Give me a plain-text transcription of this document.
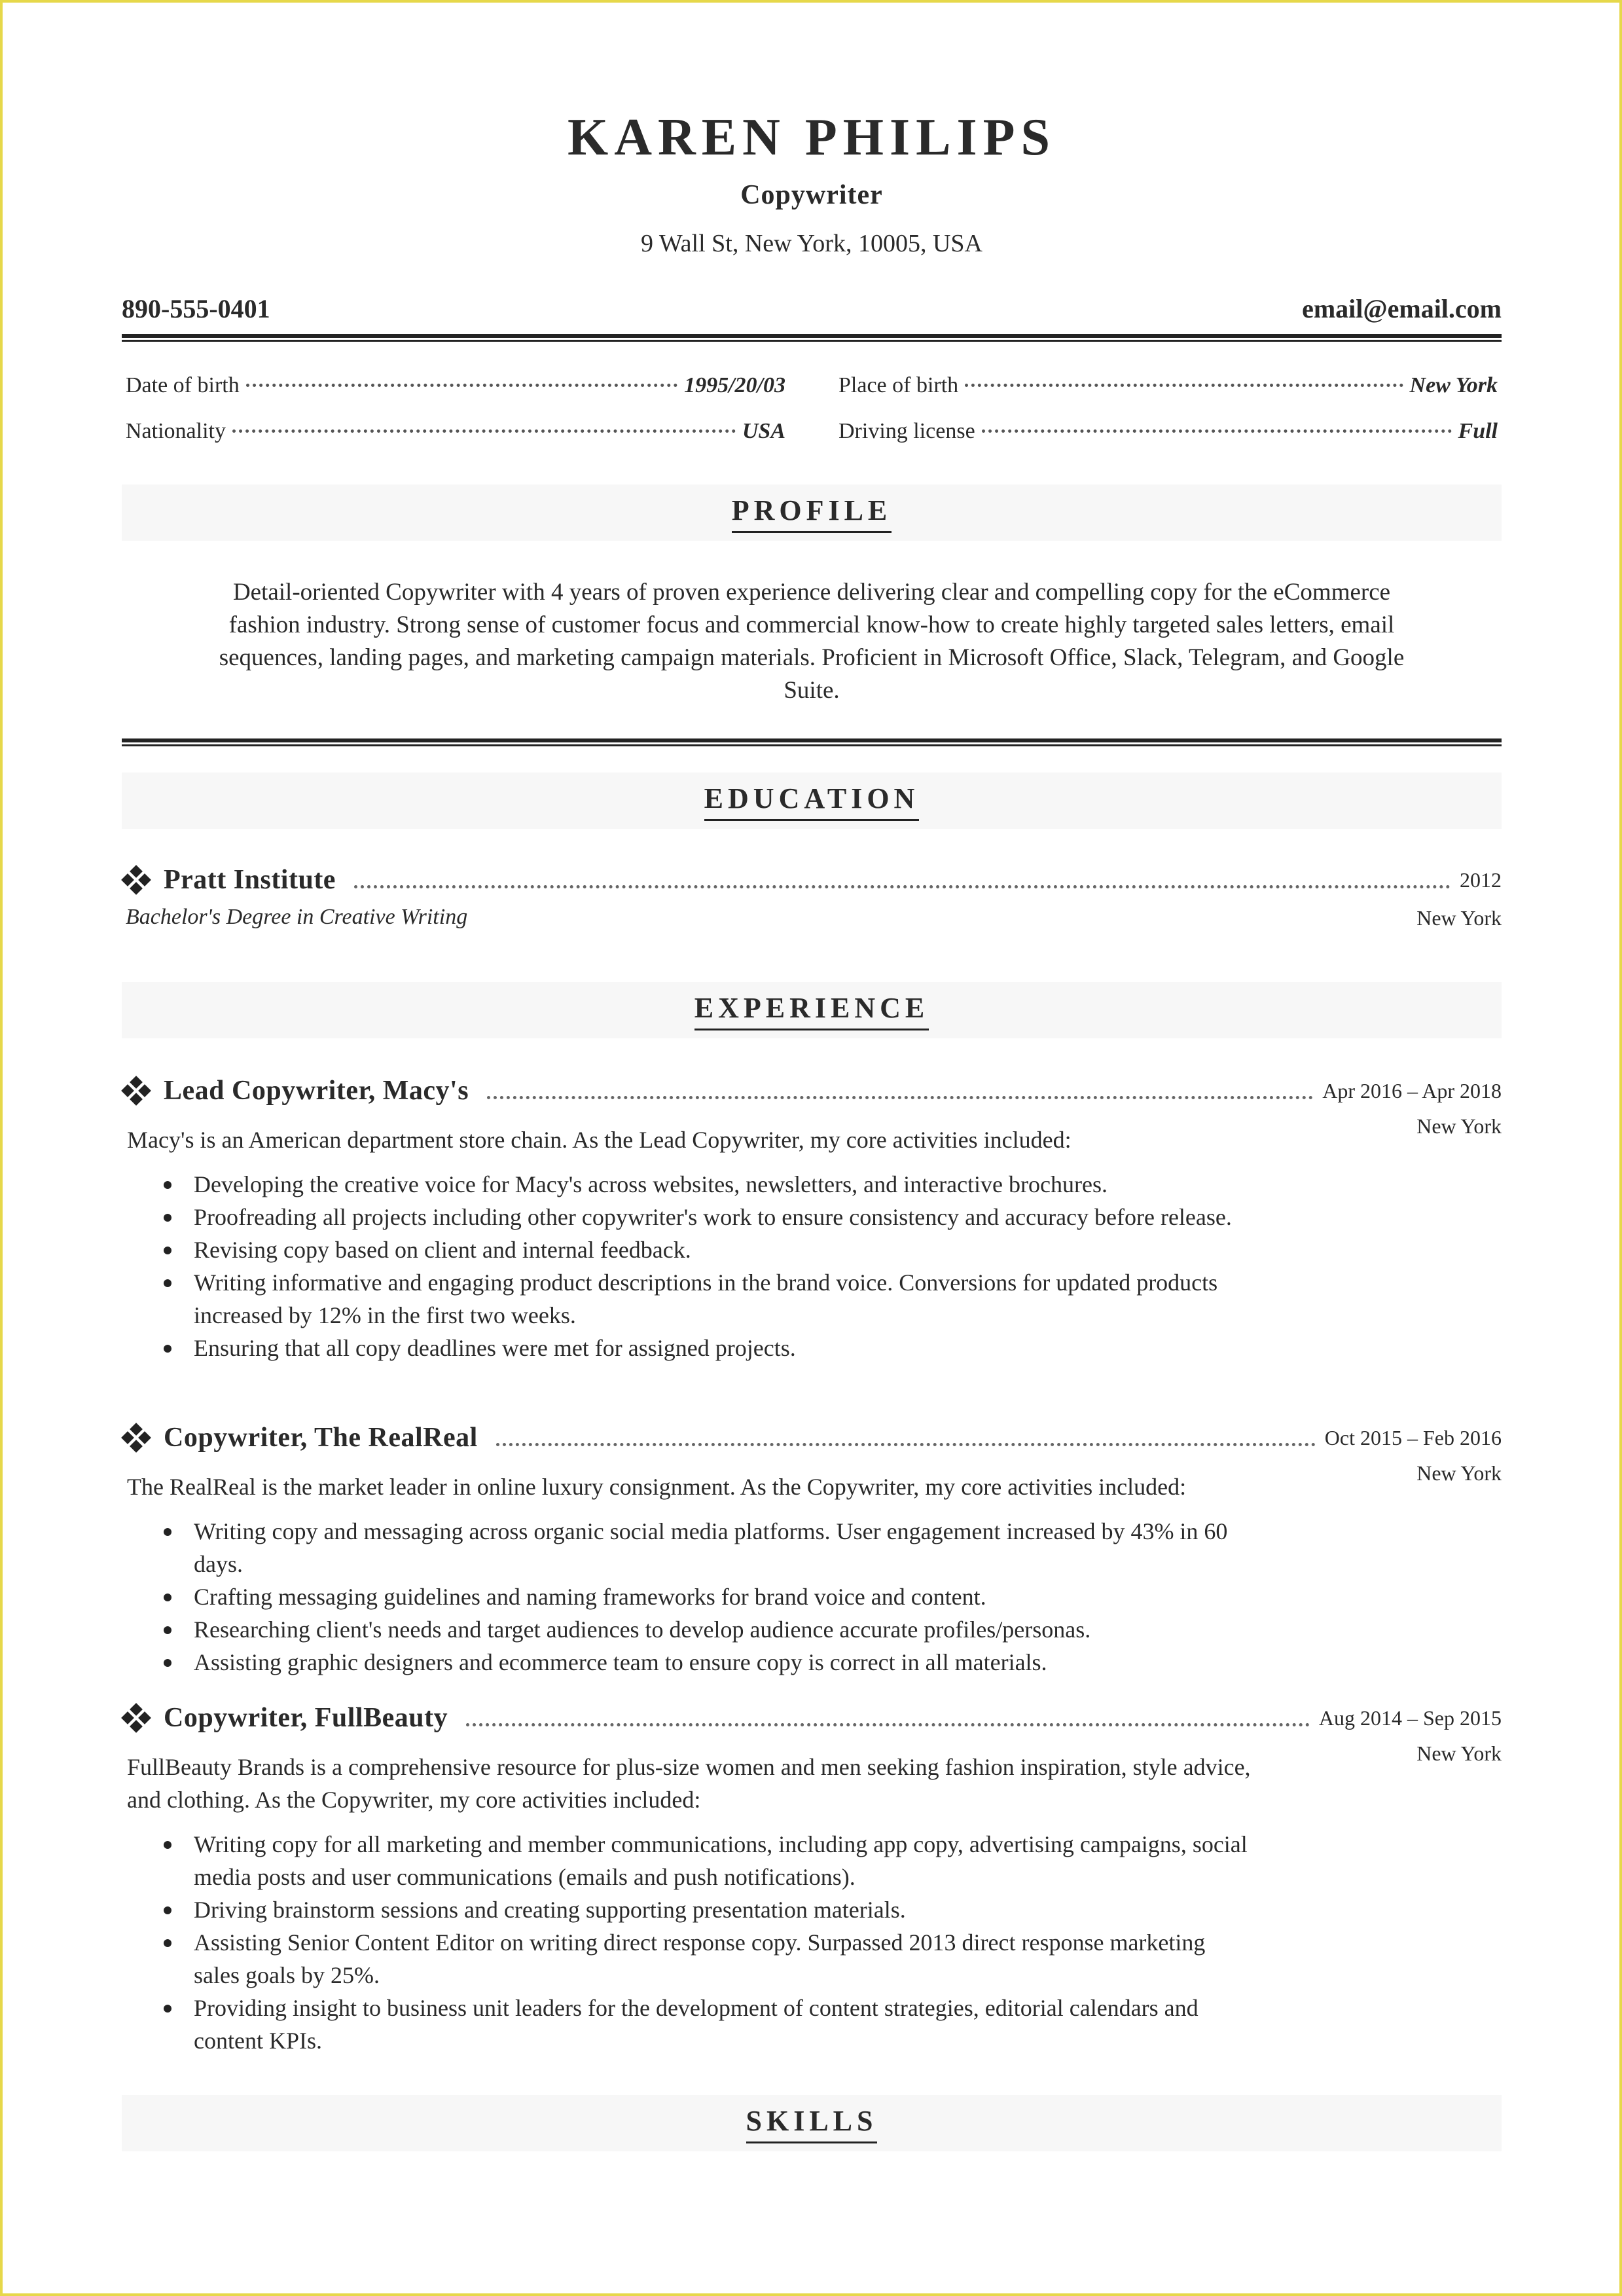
KAREN PHILIPS
Copywriter
9 Wall St, New York, 10005, USA
890-555-0401	email@email.com
Date of birth	1995/20/03 Place of birth	New York
Nationality	USA Driving license	Full
PROFILE
Detail-oriented Copywriter with 4 years of proven experience delivering clear and compelling copy for the eCommerce
fashion industry. Strong sense of customer focus and commercial know-how to create highly targeted sales letters, email
sequences, landing pages, and marketing campaign materials. Proficient in Microsoft Office, Slack, Telegram, and Google
Suite.
EDUCATION
Pratt Institute	2012
Bachelor's Degree in Creative Writing	New York
EXPERIENCE
Lead Copywriter, Macy's	Apr 2016 – Apr 2018
New York
Macy's is an American department store chain. As the Lead Copywriter, my core activities included:
Developing the creative voice for Macy's across websites, newsletters, and interactive brochures.
Proofreading all projects including other copywriter's work to ensure consistency and accuracy before release.
Revising copy based on client and internal feedback.
Writing informative and engaging product descriptions in the brand voice. Conversions for updated products increased by 12% in the first two weeks.
Ensuring that all copy deadlines were met for assigned projects.
Copywriter, The RealReal	Oct 2015 – Feb 2016
New York
The RealReal is the market leader in online luxury consignment. As the Copywriter, my core activities included:
Writing copy and messaging across organic social media platforms. User engagement increased by 43% in 60 days.
Crafting messaging guidelines and naming frameworks for brand voice and content.
Researching client's needs and target audiences to develop audience accurate profiles/personas.
Assisting graphic designers and ecommerce team to ensure copy is correct in all materials.
Copywriter, FullBeauty	Aug 2014 – Sep 2015
New York
FullBeauty Brands is a comprehensive resource for plus-size women and men seeking fashion inspiration, style advice, and clothing. As the Copywriter, my core activities included:
Writing copy for all marketing and member communications, including app copy, advertising campaigns, social media posts and user communications (emails and push notifications).
Driving brainstorm sessions and creating supporting presentation materials.
Assisting Senior Content Editor on writing direct response copy. Surpassed 2013 direct response marketing sales goals by 25%.
Providing insight to business unit leaders for the development of content strategies, editorial calendars and content KPIs.
SKILLS
